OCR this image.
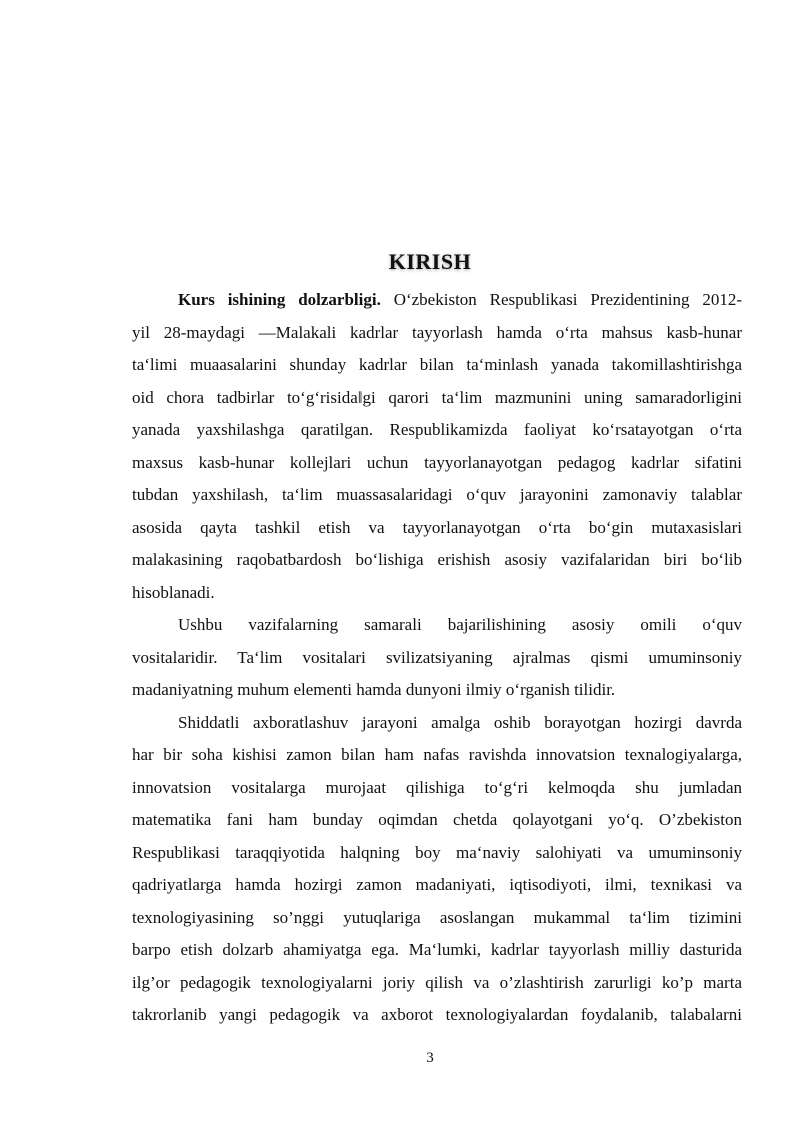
KIRISH
Kurs ishining dolzarbligi. O‘zbekiston Respublikasi Prezidentining 2012-
yil 28-maydagi —Malakali kadrlar tayyorlash hamda o‘rta mahsus kasb-hunar
ta‘limi muaasalarini shunday kadrlar bilan ta‘minlash yanada takomillashtirishga
oid chora tadbirlar to‘g‘risida‖gi qarori ta‘lim mazmunini uning samaradorligini
yanada yaxshilashga qaratilgan. Respublikamizda faoliyat ko‘rsatayotgan o‘rta
maxsus kasb-hunar kollejlari uchun tayyorlanayotgan pedagog kadrlar sifatini
tubdan yaxshilash, ta‘lim muassasalaridagi o‘quv jarayonini zamonaviy talablar
asosida qayta tashkil etish va tayyorlanayotgan o‘rta bo‘gin mutaxasislari
malakasining raqobatbardosh bo‘lishiga erishish asosiy vazifalaridan biri bo‘lib
hisoblanadi.
Ushbu vazifalarning samarali bajarilishining asosiy omili o‘quv
vositalaridir. Ta‘lim vositalari svilizatsiyaning ajralmas qismi umuminsoniy
madaniyatning muhum elementi hamda dunyoni ilmiy o‘rganish tilidir.
Shiddatli axboratlashuv jarayoni amalga oshib borayotgan hozirgi davrda
har bir soha kishisi zamon bilan ham nafas ravishda innovatsion texnalogiyalarga,
innovatsion vositalarga murojaat qilishiga to‘g‘ri kelmoqda shu jumladan
matematika fani ham bunday oqimdan chetda qolayotgani yo‘q. O’zbekiston
Respublikasi taraqqiyotida halqning boy ma‘naviy salohiyati va umuminsoniy
qadriyatlarga hamda hozirgi zamon madaniyati, iqtisodiyoti, ilmi, texnikasi va
texnologiyasining so’nggi yutuqlariga asoslangan mukammal ta‘lim tizimini
barpo etish dolzarb ahamiyatga ega. Ma‘lumki, kadrlar tayyorlash milliy dasturida
ilg’or pedagogik texnologiyalarni joriy qilish va o’zlashtirish zarurligi ko’p marta
takrorlanib yangi pedagogik va axborot texnologiyalardan foydalanib, talabalarni
3
